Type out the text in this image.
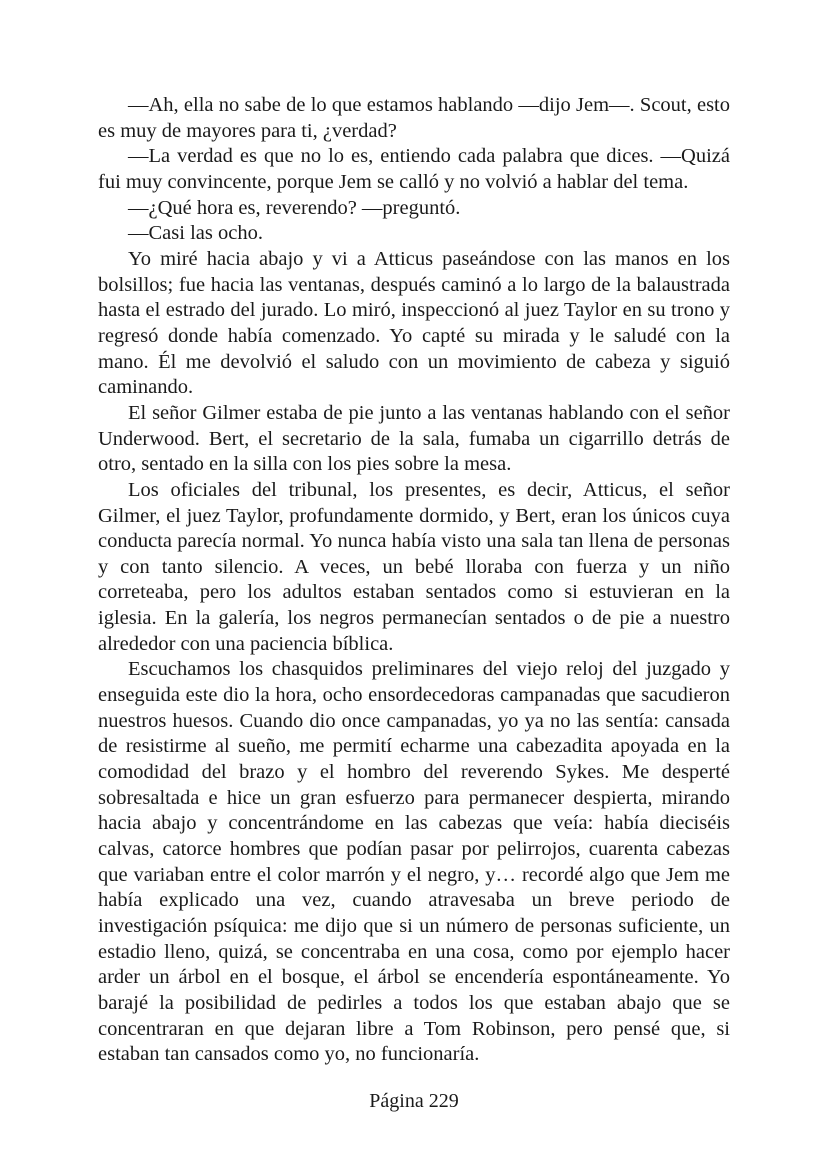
—Ah, ella no sabe de lo que estamos hablando —dijo Jem—. Scout, esto es muy de mayores para ti, ¿verdad?

—La verdad es que no lo es, entiendo cada palabra que dices. —Quizá fui muy convincente, porque Jem se calló y no volvió a hablar del tema.

—¿Qué hora es, reverendo? —preguntó.

—Casi las ocho.

Yo miré hacia abajo y vi a Atticus paseándose con las manos en los bolsillos; fue hacia las ventanas, después caminó a lo largo de la balaustrada hasta el estrado del jurado. Lo miró, inspeccionó al juez Taylor en su trono y regresó donde había comenzado. Yo capté su mirada y le saludé con la mano. Él me devolvió el saludo con un movimiento de cabeza y siguió caminando.

El señor Gilmer estaba de pie junto a las ventanas hablando con el señor Underwood. Bert, el secretario de la sala, fumaba un cigarrillo detrás de otro, sentado en la silla con los pies sobre la mesa.

Los oficiales del tribunal, los presentes, es decir, Atticus, el señor Gilmer, el juez Taylor, profundamente dormido, y Bert, eran los únicos cuya conducta parecía normal. Yo nunca había visto una sala tan llena de personas y con tanto silencio. A veces, un bebé lloraba con fuerza y un niño correteaba, pero los adultos estaban sentados como si estuvieran en la iglesia. En la galería, los negros permanecían sentados o de pie a nuestro alrededor con una paciencia bíblica.

Escuchamos los chasquidos preliminares del viejo reloj del juzgado y enseguida este dio la hora, ocho ensordecedoras campanadas que sacudieron nuestros huesos. Cuando dio once campanadas, yo ya no las sentía: cansada de resistirme al sueño, me permití echarme una cabezadita apoyada en la comodidad del brazo y el hombro del reverendo Sykes. Me desperté sobresaltada e hice un gran esfuerzo para permanecer despierta, mirando hacia abajo y concentrándome en las cabezas que veía: había dieciséis calvas, catorce hombres que podían pasar por pelirrojos, cuarenta cabezas que variaban entre el color marrón y el negro, y… recordé algo que Jem me había explicado una vez, cuando atravesaba un breve periodo de investigación psíquica: me dijo que si un número de personas suficiente, un estadio lleno, quizá, se concentraba en una cosa, como por ejemplo hacer arder un árbol en el bosque, el árbol se encendería espontáneamente. Yo barajé la posibilidad de pedirles a todos los que estaban abajo que se concentraran en que dejaran libre a Tom Robinson, pero pensé que, si estaban tan cansados como yo, no funcionaría.

Página 229
